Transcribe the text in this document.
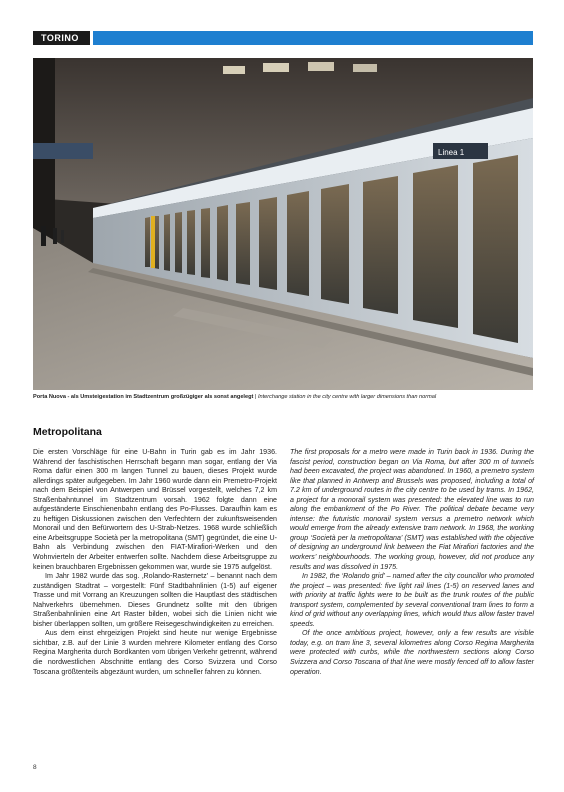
TORINO
Linea 1
Porta Nuova - als Umsteigestation im Stadtzentrum großzügiger als sonst angelegt | Interchange station in the city centre with larger dimensions than normal
Metropolitana

Die ersten Vorschläge für eine U-Bahn in Turin gab es im Jahr 1936. Während der faschistischen Herrschaft begann man sogar, entlang der Via Roma dafür einen 300 m langen Tunnel zu bauen, dieses Projekt wurde allerdings später aufgegeben. Im Jahr 1960 wurde dann ein Premetro-Projekt nach dem Beispiel von Antwerpen und Brüssel vorgestellt, welches 7,2 km Straßenbahntunnel im Stadtzentrum vorsah. 1962 folgte dann eine aufgeständerte Einschienenbahn entlang des Po-Flusses. Daraufhin kam es zu heftigen Diskussionen zwischen den Verfechtern der zukunftsweisenden Monorail und den Befürwortern des U-Strab-Netzes. 1968 wurde schließlich eine Arbeitsgruppe Società per la metropolitana (SMT) gegründet, die eine U-Bahn als Verbindung zwischen den FIAT-Mirafiori-Werken und den Wohnvierteln der Arbeiter entwerfen sollte. Nachdem diese Arbeitsgruppe zu keinen brauchbaren Ergebnissen gekommen war, wurde sie 1975 aufgelöst.

Im Jahr 1982 wurde das sog. ‚Rolando-Rasternetz' – benannt nach dem zuständigen Stadtrat – vorgestellt: Fünf Stadtbahnlinien (1-5) auf eigener Trasse und mit Vorrang an Kreuzungen sollten die Hauptlast des städtischen Nahverkehrs übernehmen. Dieses Grundnetz sollte mit den übrigen Straßenbahnlinien eine Art Raster bilden, wobei sich die Linien nicht wie bisher überlappen sollten, um größere Reisegeschwindigkeiten zu erreichen.

Aus dem einst ehrgeizigen Projekt sind heute nur wenige Ergebnisse sichtbar, z.B. auf der Linie 3 wurden mehrere Kilometer entlang des Corso Regina Margherita durch Bordkanten vom übrigen Verkehr getrennt, während die nordwestlichen Abschnitte entlang des Corso Svizzera und Corso Toscana größtenteils abgezäunt wurden, um schneller fahren zu können.

The first proposals for a metro were made in Turin back in 1936. During the fascist period, construction began on Via Roma, but after 300 m of tunnels had been excavated, the project was abandoned. In 1960, a premetro system like that planned in Antwerp and Brussels was proposed, including a total of 7.2 km of underground routes in the city centre to be used by trams. In 1962, a project for a monorail system was presented: the elevated line was to run along the embankment of the Po River. The political debate became very intense: the futuristic monorail system versus a premetro network which would emerge from the already extensive tram network. In 1968, the working group ‘Società per la metropolitana’ (SMT) was established with the objective of designing an underground link between the Fiat Mirafiori factories and the workers’ neighbourhoods. The working group, however, did not produce any results and was dissolved in 1975.

In 1982, the ‘Rolando grid’ – named after the city councillor who promoted the project – was presented: five light rail lines (1-5) on reserved lanes and with priority at traffic lights were to be built as the trunk routes of the public transport system, complemented by several conventional tram lines to form a kind of grid without any overlapping lines, which would thus allow faster travel speeds.

Of the once ambitious project, however, only a few results are visible today, e.g. on tram line 3, several kilometres along Corso Regina Margherita were protected with curbs, while the northwestern sections along Corso Svizzera and Corso Toscana of that line were mostly fenced off to allow faster operation.

8
